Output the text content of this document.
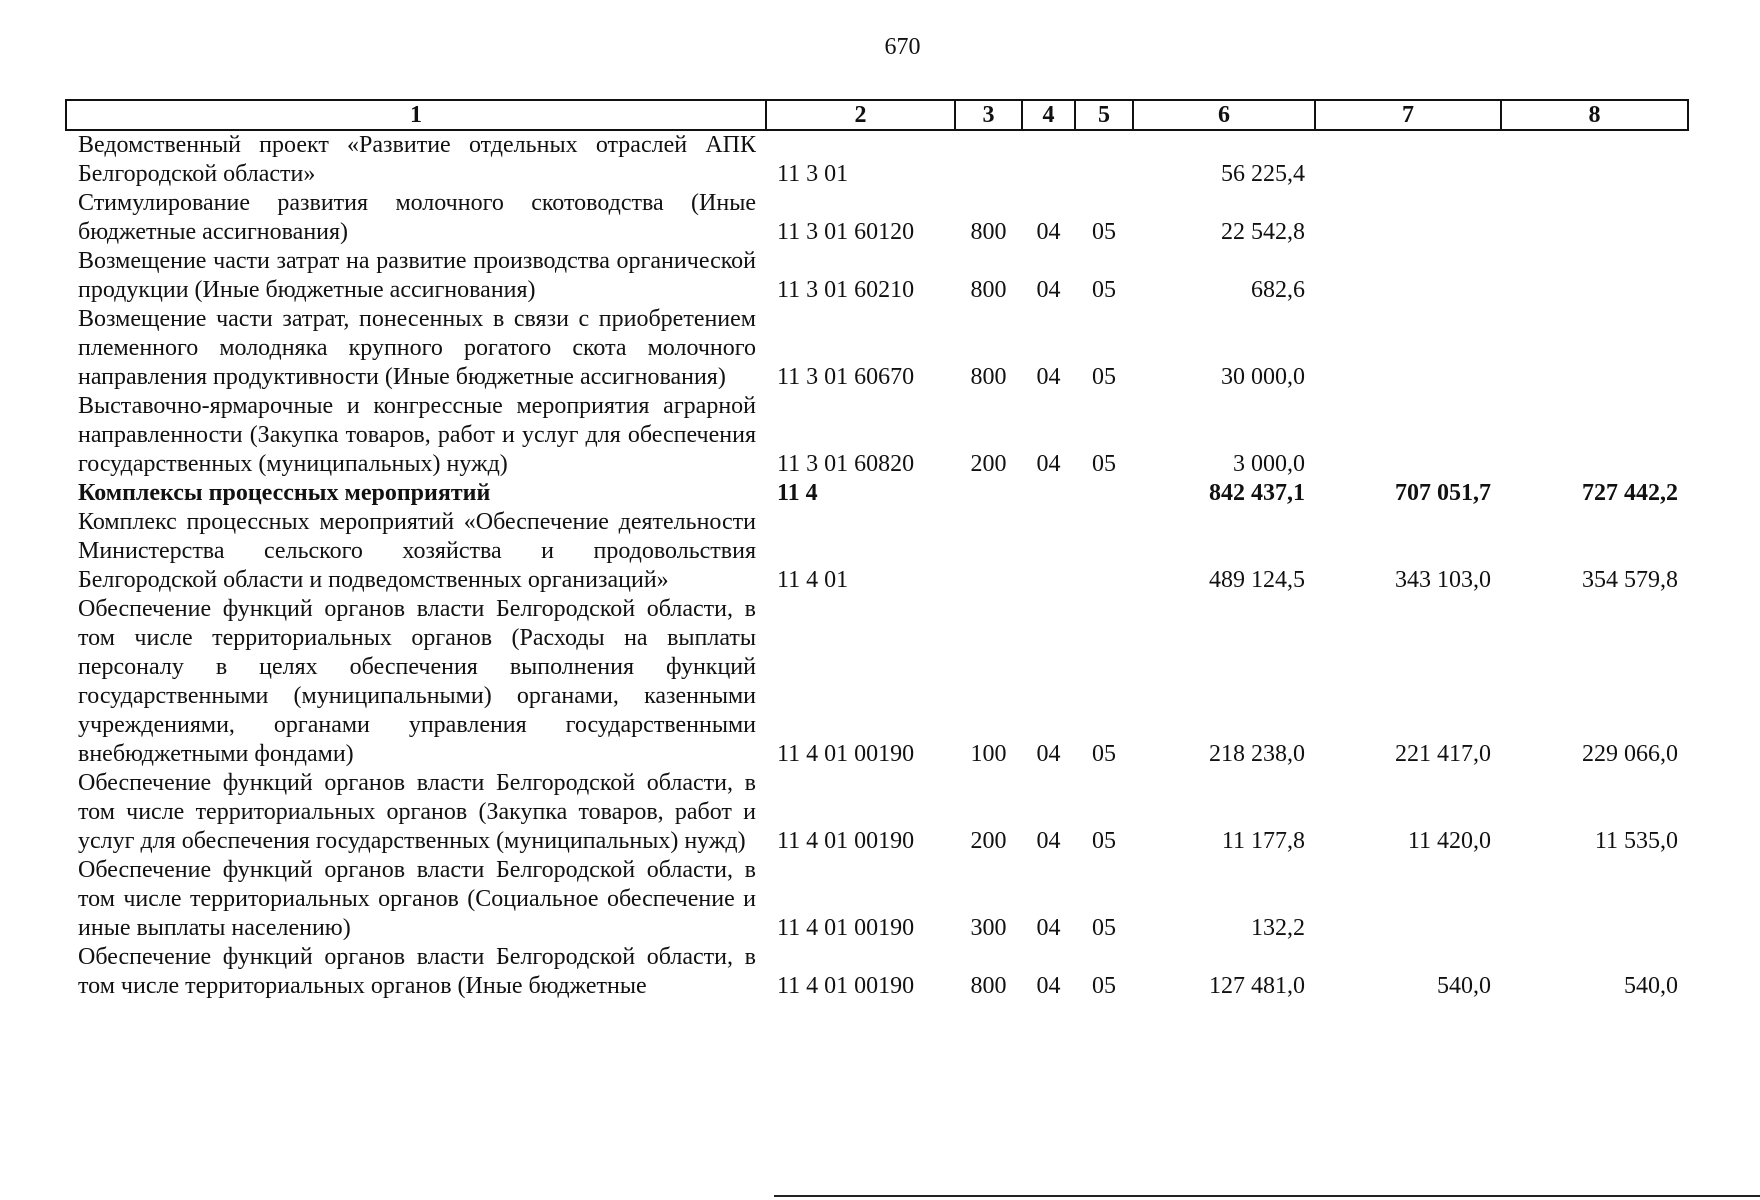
670
1	2	3	4	5	6	7	8
Ведомственный проект «Развитие отдельных отраслей АПК Белгородской области»	11 3 01				56 225,4		
Стимулирование развития молочного скотоводства (Иные бюджетные ассигнования)	11 3 01 60120	800	04	05	22 542,8		
Возмещение части затрат на развитие производства органической продукции (Иные бюджетные ассигнования)	11 3 01 60210	800	04	05	682,6		
Возмещение части затрат, понесенных в связи с приобретением племенного молодняка крупного рогатого скота молочного направления продуктивности (Иные бюджетные ассигнования)	11 3 01 60670	800	04	05	30 000,0		
Выставочно-ярмарочные и конгрессные мероприятия аграрной направленности (Закупка товаров, работ и услуг для обеспечения государственных (муниципальных) нужд)	11 3 01 60820	200	04	05	3 000,0		
Комплексы процессных мероприятий	11 4				842 437,1	707 051,7	727 442,2
Комплекс процессных мероприятий «Обеспечение деятельности Министерства сельского хозяйства и продовольствия Белгородской области и подведомственных организаций»	11 4 01				489 124,5	343 103,0	354 579,8
Обеспечение функций органов власти Белгородской области, в том числе территориальных органов (Расходы на выплаты персоналу в целях обеспечения выполнения функций государственными (муниципальными) органами, казенными учреждениями, органами управления государственными внебюджетными фондами)	11 4 01 00190	100	04	05	218 238,0	221 417,0	229 066,0
Обеспечение функций органов власти Белгородской области, в том числе территориальных органов (Закупка товаров, работ и услуг для обеспечения государственных (муниципальных) нужд)	11 4 01 00190	200	04	05	11 177,8	11 420,0	11 535,0
Обеспечение функций органов власти Белгородской области, в том числе территориальных органов (Социальное обеспечение и иные выплаты населению)	11 4 01 00190	300	04	05	132,2		
Обеспечение функций органов власти Белгородской области, в том числе территориальных органов (Иные бюджетные	11 4 01 00190	800	04	05	127 481,0	540,0	540,0
